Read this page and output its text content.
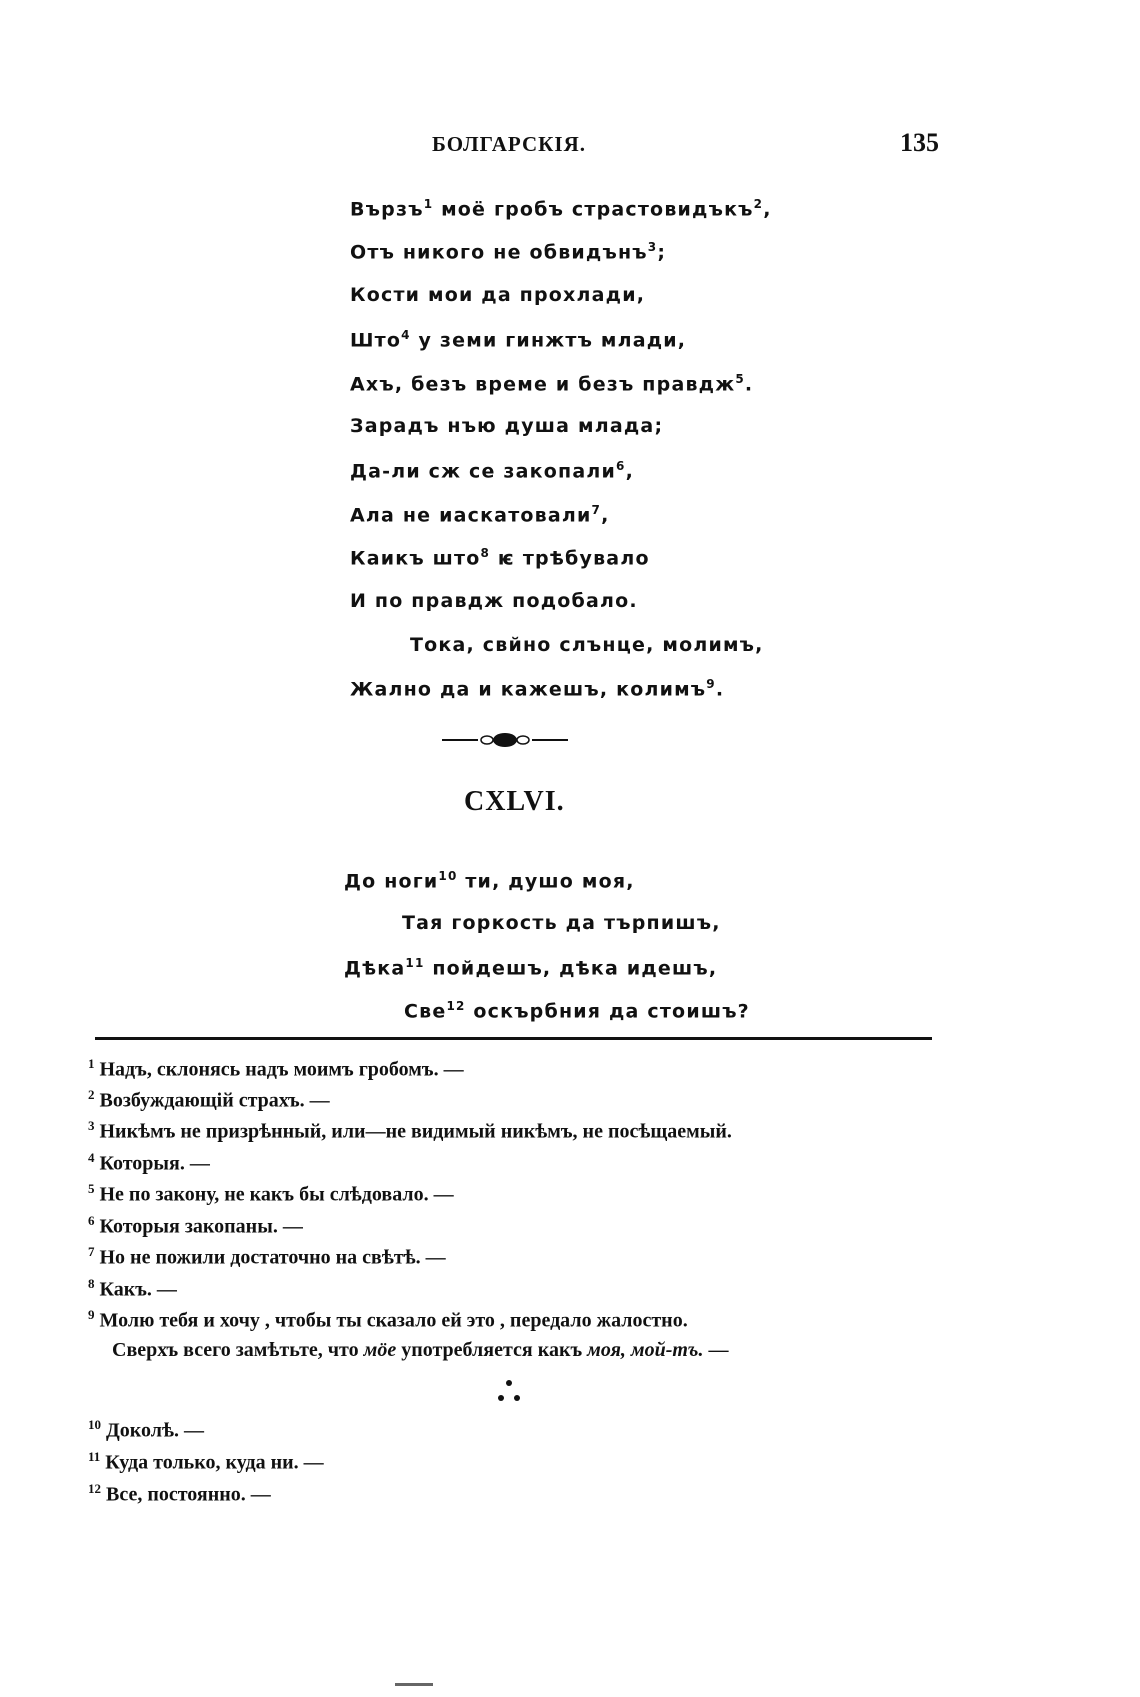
БОЛГАРСКІЯ.	135
Вързъ$^1$ моё гробъ страстовидъкъ$^2$,
Отъ никого не обвидънъ$^3$;
Кости мои да прохлади,
Што$^4$ у земи гинжтъ млади,
Ахъ, безъ време и безъ правдж$^5$.
Зарадъ нъю душа млада;
Да-ли сж се закопали$^6$,
Ала не иаскатовали$^7$,
Каикъ што$^8$ ѥ трѣбувало
И по правдж подобало.
Тока, свйно слънце, молимъ,
Жално да и кажешъ, колимъ$^9$.
CXLVI.
До ноги$^{10}$ ти, душо моя,
Тая горкость да търпишъ,
Дѣка$^{11}$ пойдешъ, дѣка идешъ,
Све$^{12}$ оскърбния да стоишъ?
$^1$ Надъ, склонясь надъ моимъ гробомъ. —
$^2$ Возбуждающій страхъ. —
$^3$ Никѣмъ не призрѣнный, или—не видимый никѣмъ, не посѣщаемый.
$^4$ Которыя. —
$^5$ Не по закону, не какъ бы слѣдовало. —
$^6$ Которыя закопаны. —
$^7$ Но не пожили достаточно на свѣтѣ. —
$^8$ Какъ. —
$^9$ Молю тебя и хочу , чтобы ты сказало ей это , передало жалостно.
Сверхъ всего замѣтьте, что мӧе употребляется какъ моя, мой-тъ. —
$^{10}$ Доколѣ. —
$^{11}$ Куда только, куда ни. —
$^{12}$ Все, постоянно. —
